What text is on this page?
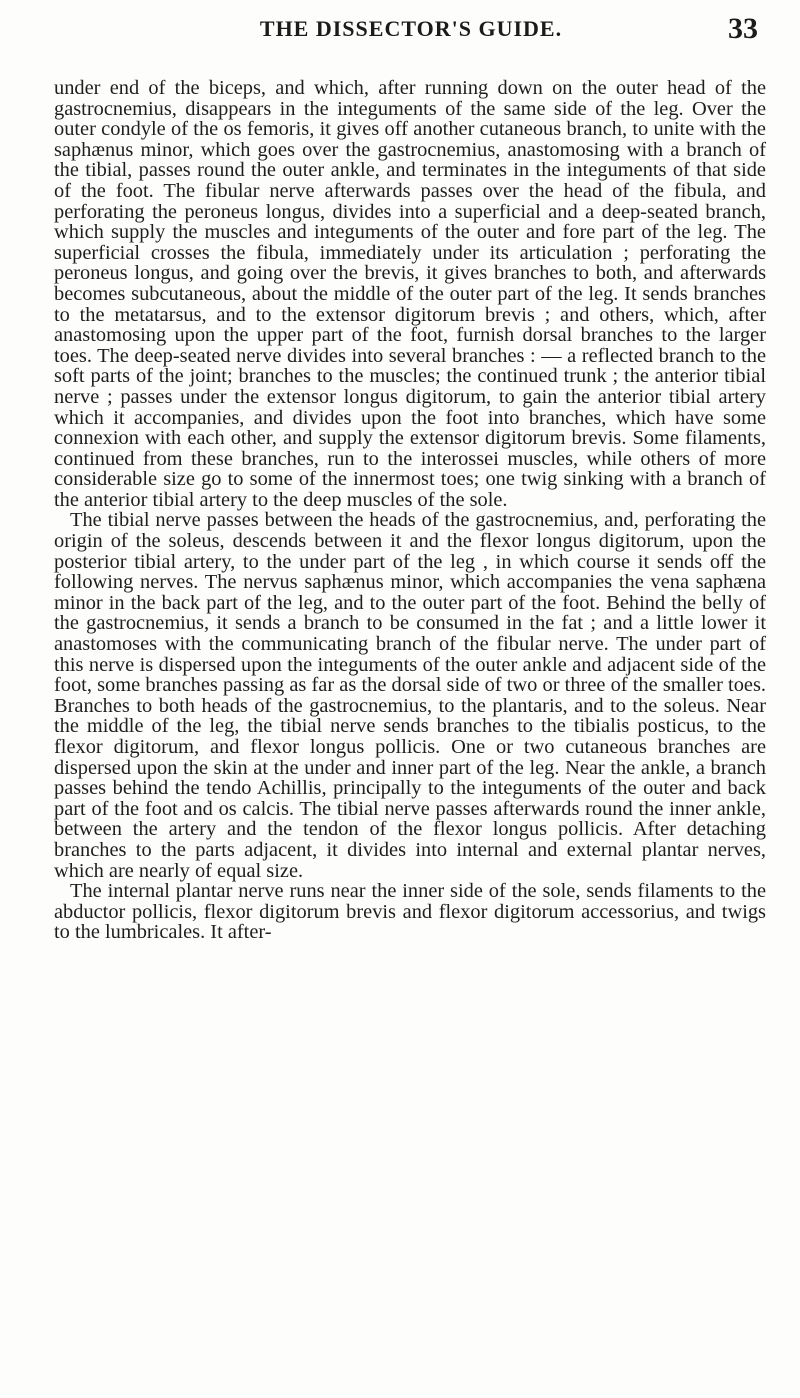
THE DISSECTOR'S GUIDE.	33

under end of the biceps, and which, after running down on the outer head of the gastrocnemius, disappears in the integuments of the same side of the leg. Over the outer condyle of the os femoris, it gives off another cutaneous branch, to unite with the saphænus minor, which goes over the gastrocnemius, anastomosing with a branch of the tibial, passes round the outer ankle, and terminates in the integuments of that side of the foot. The fibular nerve afterwards passes over the head of the fibula, and perforating the peroneus longus, divides into a superficial and a deep-seated branch, which supply the muscles and integuments of the outer and fore part of the leg. The superficial crosses the fibula, immediately under its articulation ; perforating the peroneus longus, and going over the brevis, it gives branches to both, and afterwards becomes subcutaneous, about the middle of the outer part of the leg. It sends branches to the metatarsus, and to the extensor digitorum brevis ; and others, which, after anastomosing upon the upper part of the foot, furnish dorsal branches to the larger toes. The deep-seated nerve divides into several branches : — a reflected branch to the soft parts of the joint; branches to the muscles; the continued trunk ; the anterior tibial nerve ; passes under the extensor longus digitorum, to gain the anterior tibial artery which it accompanies, and divides upon the foot into branches, which have some connexion with each other, and supply the extensor digitorum brevis. Some filaments, continued from these branches, run to the interossei muscles, while others of more considerable size go to some of the innermost toes; one twig sinking with a branch of the anterior tibial artery to the deep muscles of the sole.

The tibial nerve passes between the heads of the gastrocnemius, and, perforating the origin of the soleus, descends between it and the flexor longus digitorum, upon the posterior tibial artery, to the under part of the leg , in which course it sends off the following nerves. The nervus saphænus minor, which accompanies the vena saphæna minor in the back part of the leg, and to the outer part of the foot. Behind the belly of the gastrocnemius, it sends a branch to be consumed in the fat ; and a little lower it anastomoses with the communicating branch of the fibular nerve. The under part of this nerve is dispersed upon the integuments of the outer ankle and adjacent side of the foot, some branches passing as far as the dorsal side of two or three of the smaller toes. Branches to both heads of the gastrocnemius, to the plantaris, and to the soleus. Near the middle of the leg, the tibial nerve sends branches to the tibialis posticus, to the flexor digitorum, and flexor longus pollicis. One or two cutaneous branches are dispersed upon the skin at the under and inner part of the leg. Near the ankle, a branch passes behind the tendo Achillis, principally to the integuments of the outer and back part of the foot and os calcis. The tibial nerve passes afterwards round the inner ankle, between the artery and the tendon of the flexor longus pollicis. After detaching branches to the parts adjacent, it divides into internal and external plantar nerves, which are nearly of equal size.

The internal plantar nerve runs near the inner side of the sole, sends filaments to the abductor pollicis, flexor digitorum brevis and flexor digitorum accessorius, and twigs to the lumbricales. It after-
